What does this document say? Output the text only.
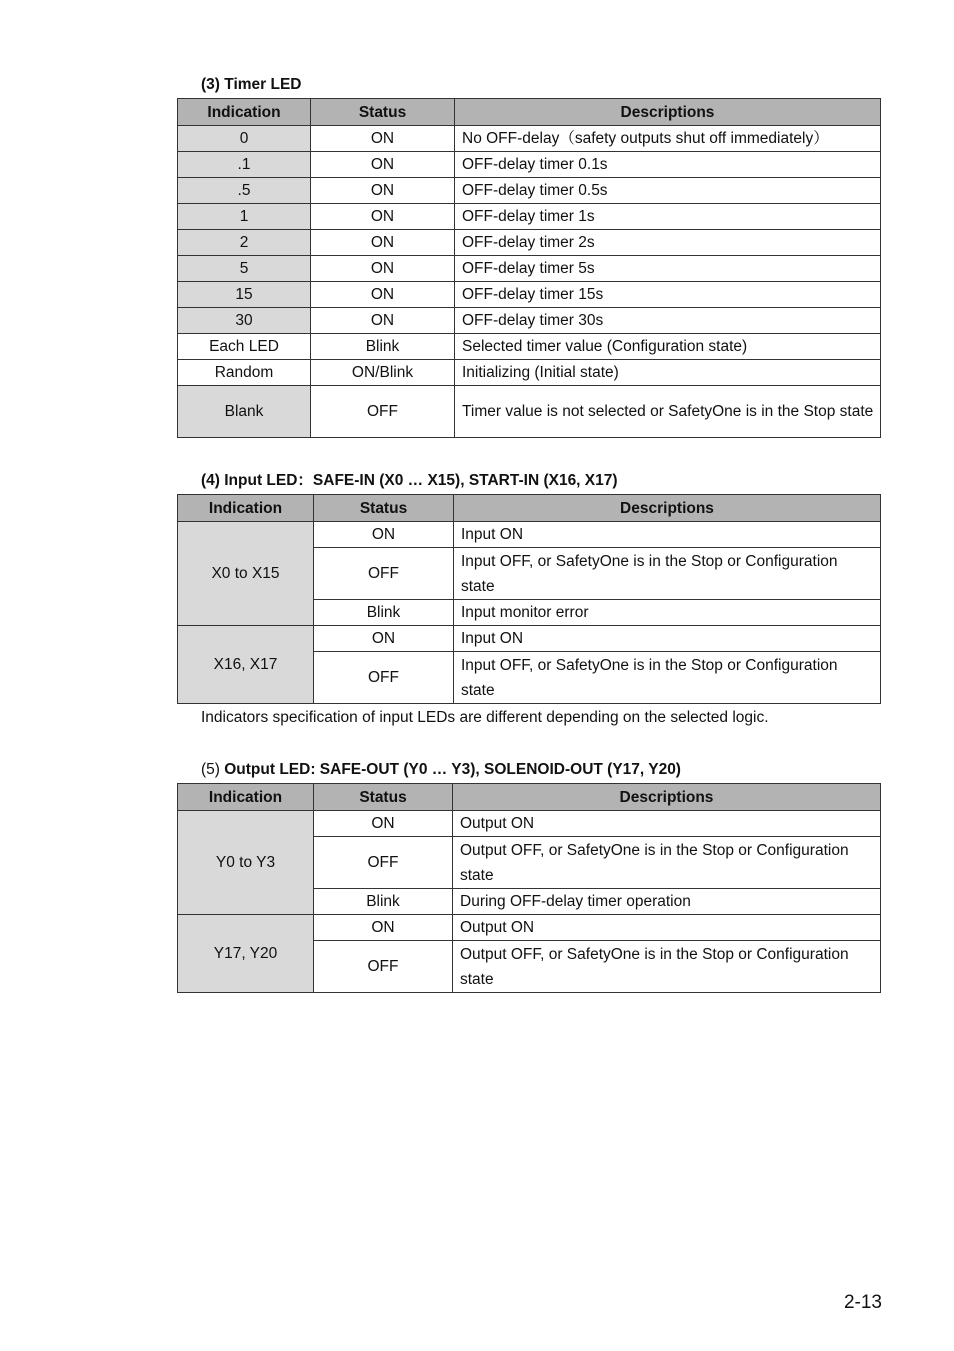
(3) Timer LED
Indication	Status	Descriptions
0	ON	No OFF-delay（safety outputs shut off immediately）
.1	ON	OFF-delay timer 0.1s
.5	ON	OFF-delay timer 0.5s
1	ON	OFF-delay timer 1s
2	ON	OFF-delay timer 2s
5	ON	OFF-delay timer 5s
15	ON	OFF-delay timer 15s
30	ON	OFF-delay timer 30s
Each LED	Blink	Selected timer value (Configuration state)
Random	ON/Blink	Initializing (Initial state)
Blank	OFF	Timer value is not selected or SafetyOne is in the Stop state
(4) Input LED：SAFE-IN (X0 … X15), START-IN (X16, X17)
Indication	Status	Descriptions
X0 to X15	ON	Input ON
	OFF	Input OFF, or SafetyOne is in the Stop or Configuration state
	Blink	Input monitor error
X16, X17	ON	Input ON
	OFF	Input OFF, or SafetyOne is in the Stop or Configuration state
Indicators specification of input LEDs are different depending on the selected logic.
(5) Output LED: SAFE-OUT (Y0 … Y3), SOLENOID-OUT (Y17, Y20)
Indication	Status	Descriptions
Y0 to Y3	ON	Output ON
	OFF	Output OFF, or SafetyOne is in the Stop or Configuration state
	Blink	During OFF-delay timer operation
Y17, Y20	ON	Output ON
	OFF	Output OFF, or SafetyOne is in the Stop or Configuration state
2-13
